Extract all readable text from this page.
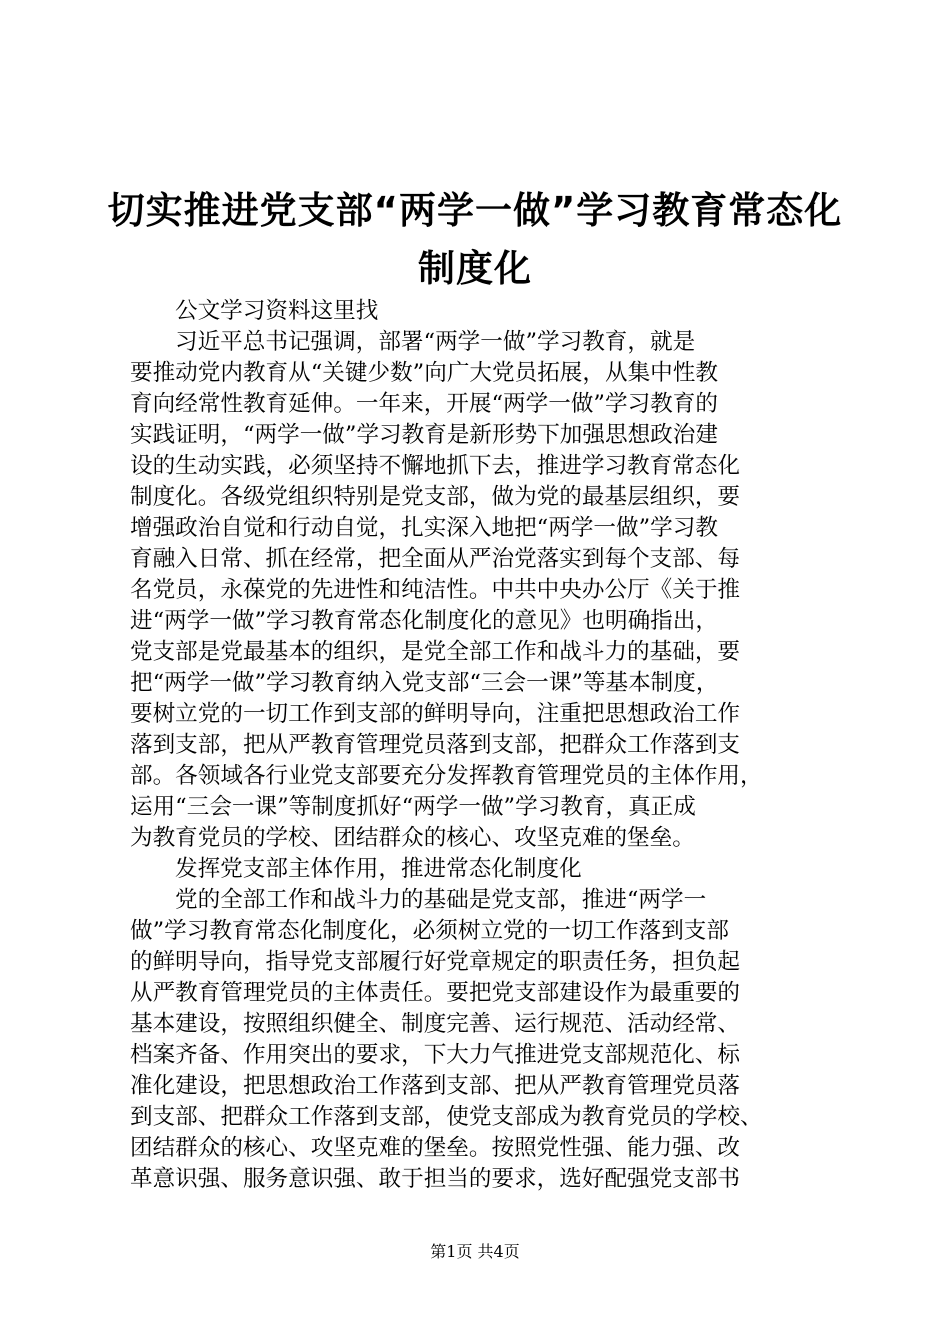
切实推进党支部“两学一做”学习教育常态化
制度化
公文学习资料这里找
习近平总书记强调，部署“两学一做”学习教育，就是
要推动党内教育从“关键少数”向广大党员拓展，从集中性教
育向经常性教育延伸。一年来，开展“两学一做”学习教育的
实践证明，“两学一做”学习教育是新形势下加强思想政治建
设的生动实践，必须坚持不懈地抓下去，推进学习教育常态化
制度化。各级党组织特别是党支部，做为党的最基层组织，要
增强政治自觉和行动自觉，扎实深入地把“两学一做”学习教
育融入日常、抓在经常，把全面从严治党落实到每个支部、每
名党员，永葆党的先进性和纯洁性。中共中央办公厅《关于推
进“两学一做”学习教育常态化制度化的意见》也明确指出，
党支部是党最基本的组织，是党全部工作和战斗力的基础，要
把“两学一做”学习教育纳入党支部“三会一课”等基本制度，
要树立党的一切工作到支部的鲜明导向，注重把思想政治工作
落到支部，把从严教育管理党员落到支部，把群众工作落到支
部。各领域各行业党支部要充分发挥教育管理党员的主体作用，
运用“三会一课”等制度抓好“两学一做”学习教育，真正成
为教育党员的学校、团结群众的核心、攻坚克难的堡垒。
发挥党支部主体作用，推进常态化制度化
党的全部工作和战斗力的基础是党支部，推进“两学一
做”学习教育常态化制度化，必须树立党的一切工作落到支部
的鲜明导向，指导党支部履行好党章规定的职责任务，担负起
从严教育管理党员的主体责任。要把党支部建设作为最重要的
基本建设，按照组织健全、制度完善、运行规范、活动经常、
档案齐备、作用突出的要求，下大力气推进党支部规范化、标
准化建设，把思想政治工作落到支部、把从严教育管理党员落
到支部、把群众工作落到支部，使党支部成为教育党员的学校、
团结群众的核心、攻坚克难的堡垒。按照党性强、能力强、改
革意识强、服务意识强、敢于担当的要求，选好配强党支部书
第1页 共4页
